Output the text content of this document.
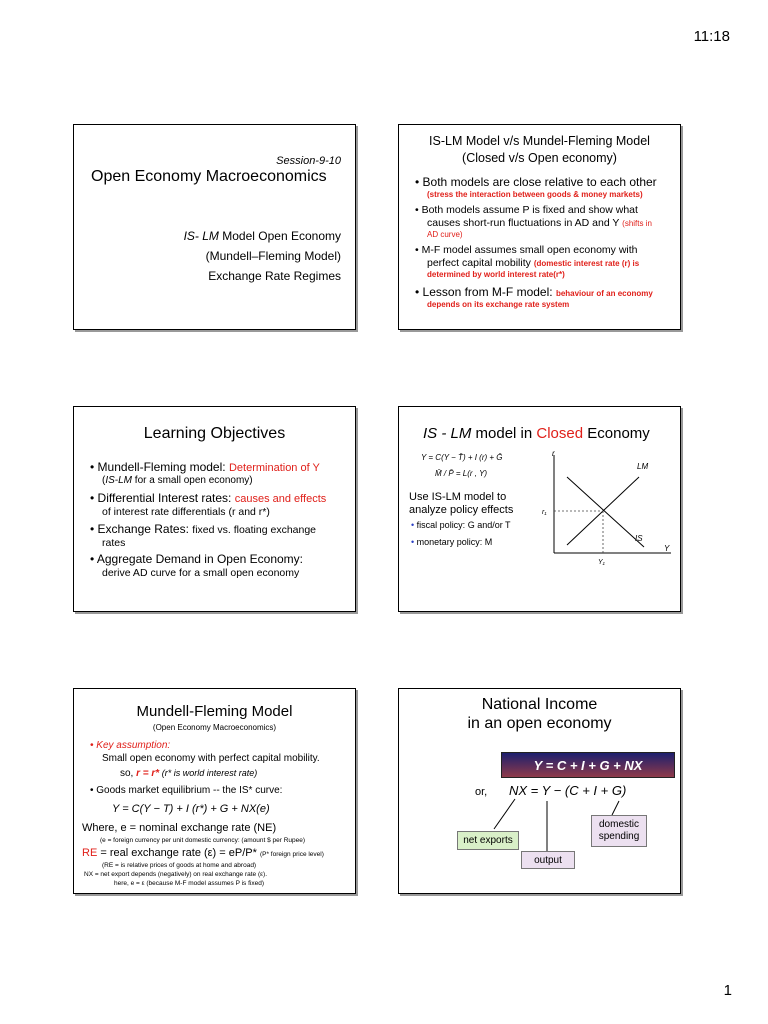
11:18
1
Session-9-10
Open Economy Macroeconomics
IS- LM Model Open Economy
(Mundell–Fleming Model)
Exchange Rate Regimes
IS-LM Model v/s Mundel-Fleming Model
(Closed v/s Open economy)
• Both models are close relative to each other
(stress the interaction between goods & money markets)
• Both models assume P is fixed and show what
causes short-run fluctuations in AD and Y (shifts in
AD curve)
• M-F model assumes small open economy with
perfect capital mobility (domestic interest rate (r) is
determined by world interest rate(r*)
• Lesson from M-F model: behaviour of an economy
depends on its exchange rate system
Learning Objectives
• Mundell-Fleming model: Determination of Y
(IS-LM for a small open economy)
• Differential Interest rates: causes and effects
of interest rate differentials (r and r*)
• Exchange Rates: fixed vs. floating exchange
rates
• Aggregate Demand in Open Economy:
derive AD curve for a small open economy
IS - LM model in Closed Economy
Y = C(Y − T̄) + I (r) + Ḡ
M̄ / P̄ = L(r , Y)
Use IS-LM model to
analyze policy effects
• fiscal policy: G and/or T
• monetary policy: M
r
Y
LM
IS
r₁
Y₁
Mundell-Fleming Model
(Open Economy Macroeconomics)
• Key assumption:
Small open economy with perfect capital mobility.
so, r = r* (r* is world interest rate)
• Goods market equilibrium -- the IS* curve:
Y = C(Y − T) + I (r*) + G + NX(e)
Where, e = nominal exchange rate (NE)
(e = foreign currency per unit domestic currency: (amount $ per Rupee)
RE = real exchange rate (ε) = eP/P* (P* foreign price level)
(RE = is relative prices of goods at home and abroad)
NX = net export depends (negatively) on real exchange rate (ε).
here, e = ε (because M-F model assumes P is fixed)
National Income
in an open economy
Y = C + I + G + NX
or, NX = Y − (C + I + G)
domestic spending
net exports
output
